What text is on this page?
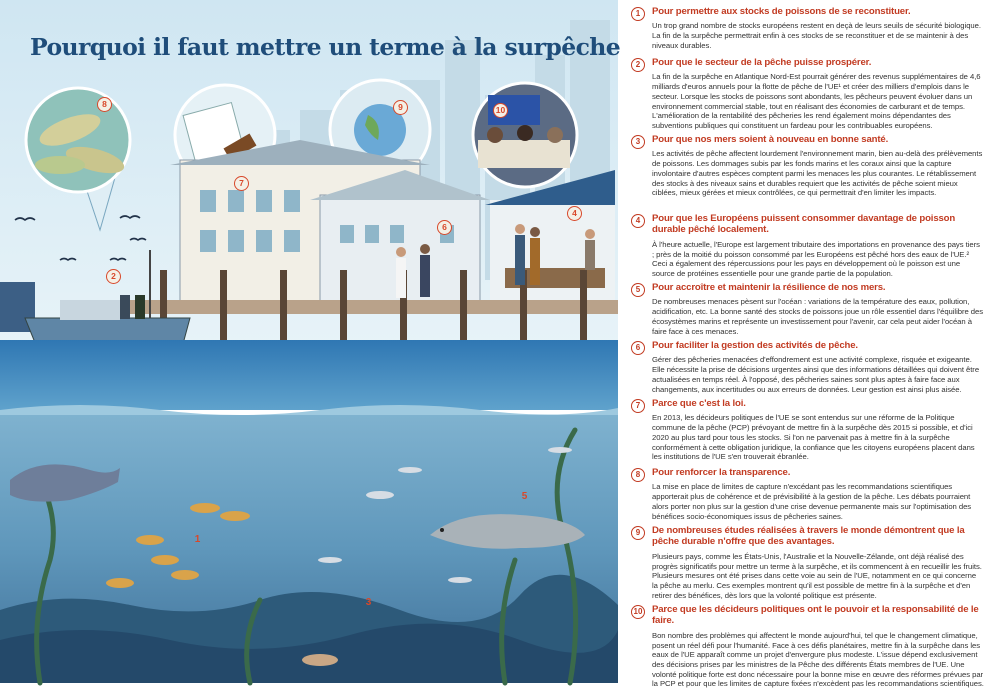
Pourquoi il faut mettre un terme à la surpêche
8
7
9	10
6
4
2
5
1
3
1	Pour permettre aux stocks de poissons de se reconstituer.
Un trop grand nombre de stocks européens restent en deçà de leurs seuils de sécurité biologique. La fin de la surpêche permettrait enfin à ces stocks de se reconstituer et de se maintenir à des niveaux durables.
2	Pour que le secteur de la pêche puisse prospérer.
La fin de la surpêche en Atlantique Nord-Est pourrait générer des revenus supplémentaires de 4,6 milliards d'euros annuels pour la flotte de pêche de l'UE¹ et créer des milliers d'emplois dans le secteur. Lorsque les stocks de poissons sont abondants, les pêcheurs peuvent évoluer dans un environnement commercial stable, tout en réalisant des économies de carburant et de temps. L'amélioration de la rentabilité des pêcheries les rend également moins dépendantes des subventions publiques qui constituent un fardeau pour les contribuables européens.
3	Pour que nos mers soient à nouveau en bonne santé.
Les activités de pêche affectent lourdement l'environnement marin, bien au-delà des prélèvements de poissons. Les dommages subis par les fonds marins et les coraux ainsi que la capture involontaire d'autres espèces comptent parmi les menaces les plus courantes. Le rétablissement des stocks à des niveaux sains et durables requiert que les activités de pêche soient mieux ciblées, mieux gérées et mieux contrôlées, ce qui permettrait d'en limiter les impacts.
4	Pour que les Européens puissent consommer davantage de poisson durable pêché localement.
À l'heure actuelle, l'Europe est largement tributaire des importations en provenance des pays tiers ; près de la moitié du poisson consommé par les Européens est pêché hors des eaux de l'UE.² Ceci a également des répercussions pour les pays en développement où le poisson est une source de protéines essentielle pour une grande partie de la population.
5	Pour accroître et maintenir la résilience de nos mers.
De nombreuses menaces pèsent sur l'océan : variations de la température des eaux, pollution, acidification, etc. La bonne santé des stocks de poissons joue un rôle essentiel dans l'équilibre des écosystèmes marins et représente un investissement pour l'avenir, car cela peut aider l'océan à faire face à ces menaces.
6	Pour faciliter la gestion des activités de pêche.
Gérer des pêcheries menacées d'effondrement est une activité complexe, risquée et exigeante. Elle nécessite la prise de décisions urgentes ainsi que des informations détaillées qui doivent être actualisées en temps réel. À l'opposé, des pêcheries saines sont plus aptes à faire face aux changements, aux incertitudes ou aux erreurs de données. Leur gestion est ainsi plus aisée.
7	Parce que c'est la loi.
En 2013, les décideurs politiques de l'UE se sont entendus sur une réforme de la Politique commune de la pêche (PCP) prévoyant de mettre fin à la surpêche dès 2015 si possible, et d'ici 2020 au plus tard pour tous les stocks. Si l'on ne parvenait pas à mettre fin à la surpêche conformément à cette obligation juridique, la confiance que les citoyens européens placent dans les institutions de l'UE s'en trouverait ébranlée.
8	Pour renforcer la transparence.
La mise en place de limites de capture n'excédant pas les recommandations scientifiques apporterait plus de cohérence et de prévisibilité à la gestion de la pêche. Les débats pourraient alors porter non plus sur la gestion d'une crise devenue permanente mais sur l'optimisation des bénéfices socio-économiques issus de pêcheries saines.
9	De nombreuses études réalisées à travers le monde démontrent que la pêche durable n'offre que des avantages.
Plusieurs pays, comme les États-Unis, l'Australie et la Nouvelle-Zélande, ont déjà réalisé des progrès significatifs pour mettre un terme à la surpêche, et ils commencent à en recueillir les fruits. Plusieurs mesures ont été prises dans cette voie au sein de l'UE, notamment en ce qui concerne la pêche au merlu. Ces exemples montrent qu'il est possible de mettre fin à la surpêche et d'en retirer des bénéfices, dès lors que la volonté politique est présente.
10 Parce que les décideurs politiques ont le pouvoir et la responsabilité de le faire.
Bon nombre des problèmes qui affectent le monde aujourd'hui, tel que le changement climatique, posent un réel défi pour l'humanité. Face à ces défis planétaires, mettre fin à la surpêche dans les eaux de l'UE apparaît comme un projet d'envergure plus modeste. L'issue dépend exclusivement des décisions prises par les ministres de la Pêche des différents États membres de l'UE. Une volonté politique forte est donc nécessaire pour la bonne mise en œuvre des réformes prévues par la PCP et pour que les limites de capture fixées n'excèdent pas les recommandations scientifiques.
